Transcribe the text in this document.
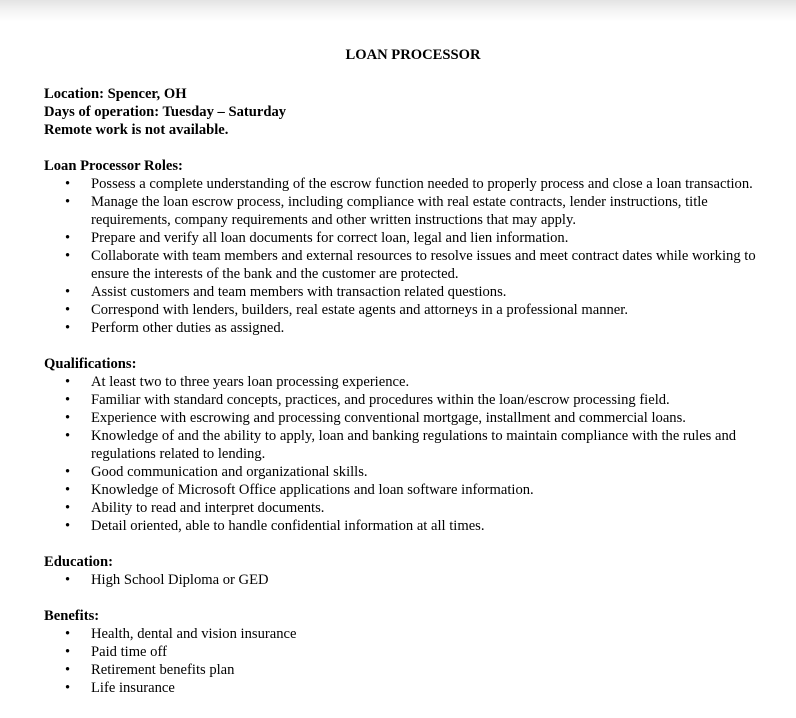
LOAN PROCESSOR
Location: Spencer, OH
Days of operation: Tuesday – Saturday
Remote work is not available.
Loan Processor Roles:
• Possess a complete understanding of the escrow function needed to properly process and close a loan transaction.
• Manage the loan escrow process, including compliance with real estate contracts, lender instructions, title requirements, company requirements and other written instructions that may apply.
• Prepare and verify all loan documents for correct loan, legal and lien information.
• Collaborate with team members and external resources to resolve issues and meet contract dates while working to ensure the interests of the bank and the customer are protected.
• Assist customers and team members with transaction related questions.
• Correspond with lenders, builders, real estate agents and attorneys in a professional manner.
• Perform other duties as assigned.
Qualifications:
• At least two to three years loan processing experience.
• Familiar with standard concepts, practices, and procedures within the loan/escrow processing field.
• Experience with escrowing and processing conventional mortgage, installment and commercial loans.
• Knowledge of and the ability to apply, loan and banking regulations to maintain compliance with the rules and regulations related to lending.
• Good communication and organizational skills.
• Knowledge of Microsoft Office applications and loan software information.
• Ability to read and interpret documents.
• Detail oriented, able to handle confidential information at all times.
Education:
• High School Diploma or GED
Benefits:
• Health, dental and vision insurance
• Paid time off
• Retirement benefits plan
• Life insurance
